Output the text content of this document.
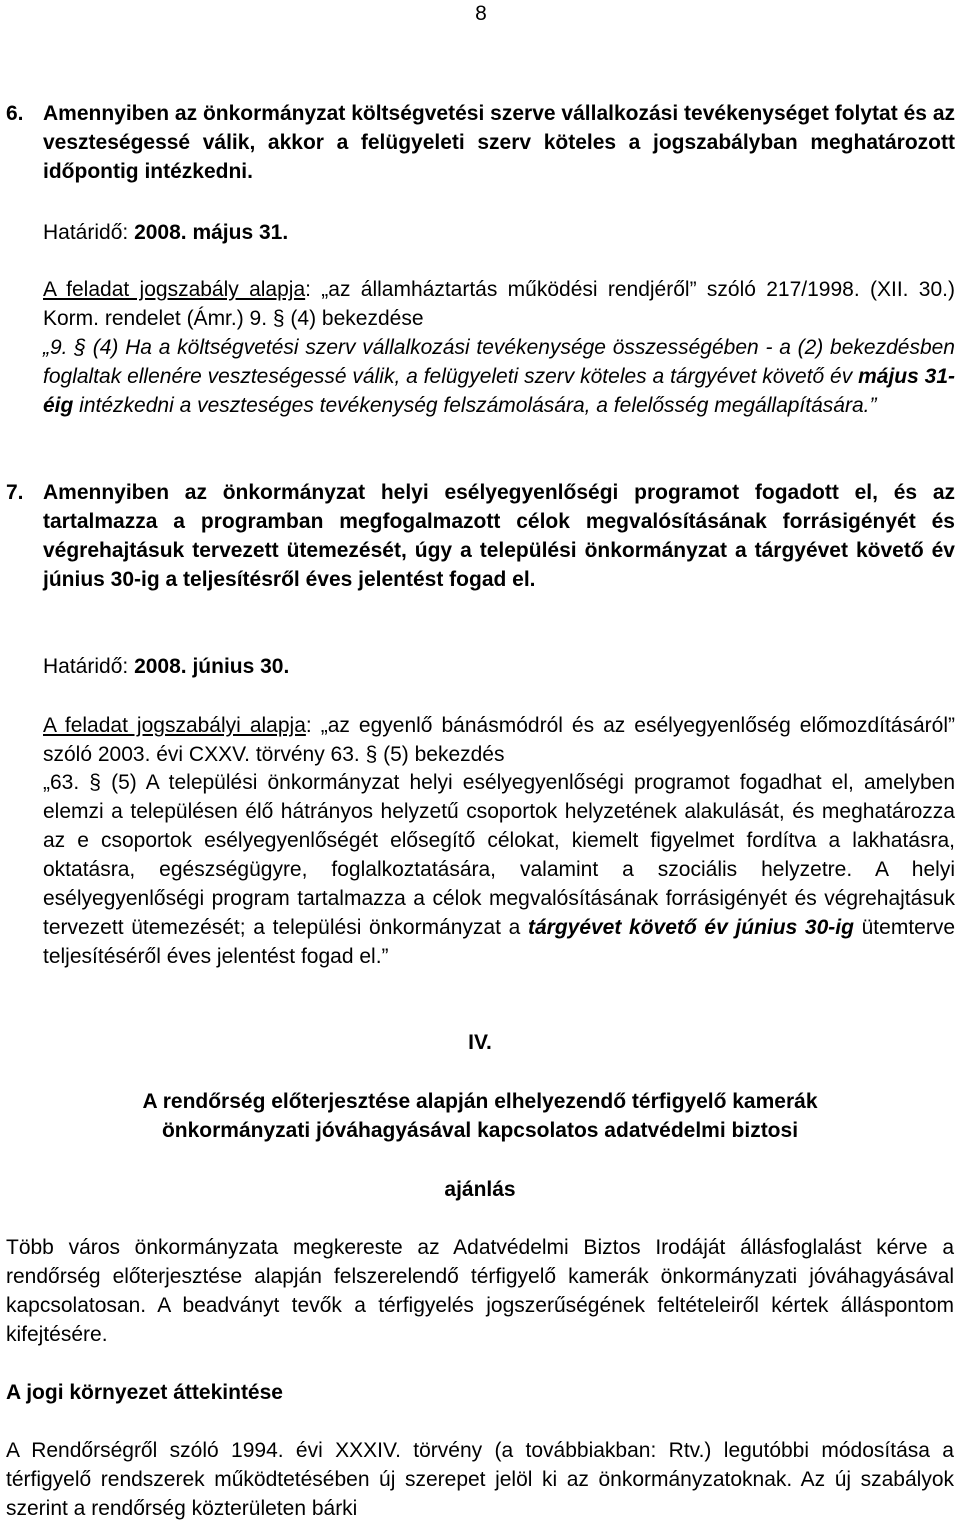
8
6. Amennyiben az önkormányzat költségvetési szerve vállalkozási tevékenységet folytat és az veszteségessé válik, akkor a felügyeleti szerv köteles a jogszabályban meghatározott időpontig intézkedni.

Határidő: 2008. május 31.

A feladat jogszabály alapja: „az államháztartás működési rendjéről” szóló 217/1998. (XII. 30.) Korm. rendelet (Ámr.) 9. § (4) bekezdése

„9. § (4) Ha a költségvetési szerv vállalkozási tevékenysége összességében - a (2) bekezdésben foglaltak ellenére veszteségessé válik, a felügyeleti szerv köteles a tárgyévet követő év május 31-éig intézkedni a veszteséges tevékenység felszámolására, a felelősség megállapítására.”

7. Amennyiben az önkormányzat helyi esélyegyenlőségi programot fogadott el, és az tartalmazza a programban megfogalmazott célok megvalósításának forrásigényét és végrehajtásuk tervezett ütemezését, úgy a települési önkormányzat a tárgyévet követő év június 30-ig a teljesítésről éves jelentést fogad el.

Határidő: 2008. június 30.

A feladat jogszabályi alapja: „az egyenlő bánásmódról és az esélyegyenlőség előmozdításáról” szóló 2003. évi CXXV. törvény 63. § (5) bekezdés

„63. § (5) A települési önkormányzat helyi esélyegyenlőségi programot fogadhat el, amelyben elemzi a településen élő hátrányos helyzetű csoportok helyzetének alakulását, és meghatározza az e csoportok esélyegyenlőségét elősegítő célokat, kiemelt figyelmet fordítva a lakhatásra, oktatásra, egészségügyre, foglalkoztatására, valamint a szociális helyzetre. A helyi esélyegyenlőségi program tartalmazza a célok megvalósításának forrásigényét és végrehajtásuk tervezett ütemezését; a települési önkormányzat a tárgyévet követő év június 30-ig ütemterve teljesítéséről éves jelentést fogad el.”

IV.

A rendőrség előterjesztése alapján elhelyezendő térfigyelő kamerák

önkormányzati jóváhagyásával kapcsolatos adatvédelmi biztosi

ajánlás

Több város önkormányzata megkereste az Adatvédelmi Biztos Irodáját állásfoglalást kérve a rendőrség előterjesztése alapján felszerelendő térfigyelő kamerák önkormányzati jóváhagyásával kapcsolatosan. A beadványt tevők a térfigyelés jogszerűségének feltételeiről kértek álláspontom kifejtésére.

A jogi környezet áttekintése

A Rendőrségről szóló 1994. évi XXXIV. törvény (a továbbiakban: Rtv.) legutóbbi módosítása a térfigyelő rendszerek működtetésében új szerepet jelöl ki az önkormányzatoknak. Az új szabályok szerint a rendőrség közterületen bárki
